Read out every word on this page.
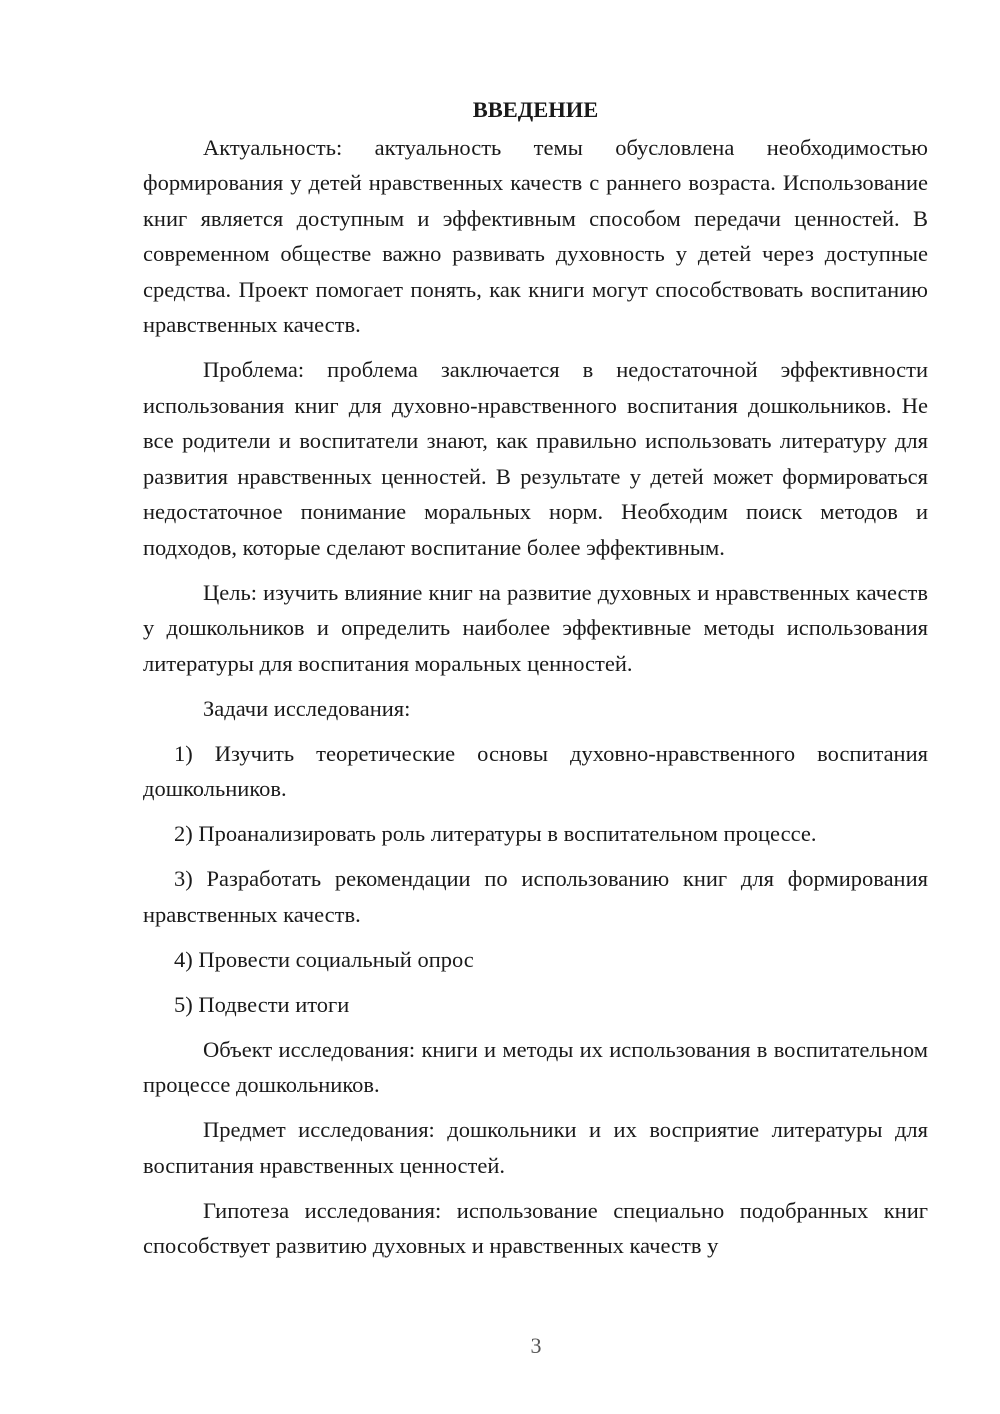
ВВЕДЕНИЕ

Актуальность: актуальность темы обусловлена необходимостью формирования у детей нравственных качеств с раннего возраста. Использование книг является доступным и эффективным способом передачи ценностей. В современном обществе важно развивать духовность у детей через доступные средства. Проект помогает понять, как книги могут способствовать воспитанию нравственных качеств.

Проблема: проблема заключается в недостаточной эффективности использования книг для духовно-нравственного воспитания дошкольников. Не все родители и воспитатели знают, как правильно использовать литературу для развития нравственных ценностей. В результате у детей может формироваться недостаточное понимание моральных норм. Необходим поиск методов и подходов, которые сделают воспитание более эффективным.

Цель: изучить влияние книг на развитие духовных и нравственных качеств у дошкольников и определить наиболее эффективные методы использования литературы для воспитания моральных ценностей.

Задачи исследования:

1) Изучить теоретические основы духовно-нравственного воспитания дошкольников.

2) Проанализировать роль литературы в воспитательном процессе.

3) Разработать рекомендации по использованию книг для формирования нравственных качеств.

4) Провести социальный опрос

5) Подвести итоги

Объект исследования: книги и методы их использования в воспитательном процессе дошкольников.

Предмет исследования: дошкольники и их восприятие литературы для воспитания нравственных ценностей.

Гипотеза исследования: использование специально подобранных книг способствует развитию духовных и нравственных качеств у

3
